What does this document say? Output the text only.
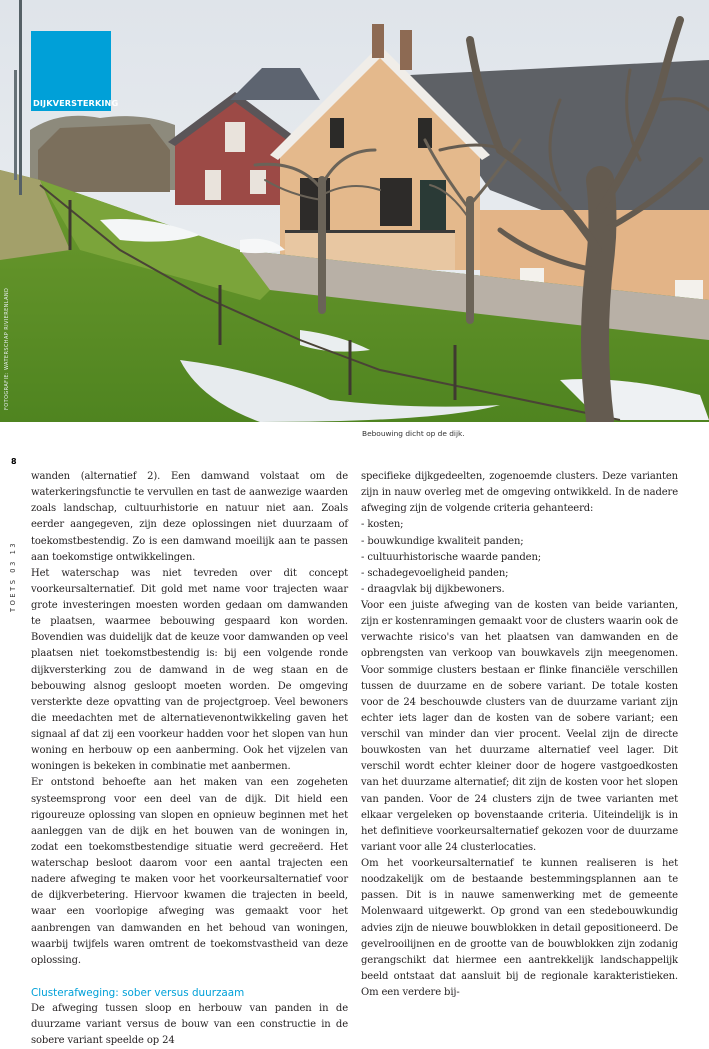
DIJKVERSTERKING
FOTOGRAFIE: WATERSCHAP RIVIERENLAND
Bebouwing dicht op de dijk.
8
TOETS 03 13

wanden (alternatief 2). Een damwand volstaat om de waterkeringsfunctie te vervullen en tast de aanwezige waarden zoals landschap, cultuurhistorie en natuur niet aan. Zoals eerder aangegeven, zijn deze oplossingen niet duurzaam of toekomstbestendig. Zo is een damwand moeilijk aan te passen aan toekomstige ontwikkelingen.

Het waterschap was niet tevreden over dit concept voorkeursalternatief. Dit gold met name voor trajecten waar grote investeringen moesten worden gedaan om damwanden te plaatsen, waarmee bebouwing gespaard kon worden. Bovendien was duidelijk dat de keuze voor damwanden op veel plaatsen niet toekomstbestendig is: bij een volgende ronde dijkversterking zou de damwand in de weg staan en de bebouwing alsnog gesloopt moeten worden. De omgeving versterkte deze opvatting van de projectgroep. Veel bewoners die meedachten met de alternatievenontwikkeling gaven het signaal af dat zij een voorkeur hadden voor het slopen van hun woning en herbouw op een aanberming. Ook het vijzelen van woningen is bekeken in combinatie met aanbermen.

Er ontstond behoefte aan het maken van een zogeheten systeemsprong voor een deel van de dijk. Dit hield een rigoureuze oplossing van slopen en opnieuw beginnen met het aanleggen van de dijk en het bouwen van de woningen in, zodat een toekomstbestendige situatie werd gecreëerd. Het waterschap besloot daarom voor een aantal trajecten een nadere afweging te maken voor het voorkeursalternatief voor de dijkverbetering. Hiervoor kwamen die trajecten in beeld, waar een voorlopige afweging was gemaakt voor het aanbrengen van damwanden en het behoud van woningen, waarbij twijfels waren omtrent de toekomstvastheid van deze oplossing.

Clusterafweging: sober versus duurzaam

De afweging tussen sloop en herbouw van panden in de duurzame variant versus de bouw van een constructie in de sobere variant speelde op 24

specifieke dijkgedeelten, zogenoemde clusters. Deze varianten zijn in nauw overleg met de omgeving ontwikkeld. In de nadere afweging zijn de volgende criteria gehanteerd:

- kosten;
- bouwkundige kwaliteit panden;
- cultuurhistorische waarde panden;
- schadegevoeligheid panden;
- draagvlak bij dijkbewoners.

Voor een juiste afweging van de kosten van beide varianten, zijn er kostenramingen gemaakt voor de clusters waarin ook de verwachte risico's van het plaatsen van damwanden en de opbrengsten van verkoop van bouwkavels zijn meegenomen. Voor sommige clusters bestaan er flinke financiële verschillen tussen de duurzame en de sobere variant. De totale kosten voor de 24 beschouwde clusters van de duurzame variant zijn echter iets lager dan de kosten van de sobere variant; een verschil van minder dan vier procent. Veelal zijn de directe bouwkosten van het duurzame alternatief veel lager. Dit verschil wordt echter kleiner door de hogere vastgoedkosten van het duurzame alternatief; dit zijn de kosten voor het slopen van panden. Voor de 24 clusters zijn de twee varianten met elkaar vergeleken op bovenstaande criteria. Uiteindelijk is in het definitieve voorkeursalternatief gekozen voor de duurzame variant voor alle 24 clusterlocaties.

Om het voorkeursalternatief te kunnen realiseren is het noodzakelijk om de bestaande bestemmingsplannen aan te passen. Dit is in nauwe samenwerking met de gemeente Molenwaard uitgewerkt. Op grond van een stedebouwkundig advies zijn de nieuwe bouwblokken in detail gepositioneerd. De gevelrooilijnen en de grootte van de bouwblokken zijn zodanig gerangschikt dat hiermee een aantrekkelijk landschappelijk beeld ontstaat dat aansluit bij de regionale karakteristieken. Om een verdere bij-
